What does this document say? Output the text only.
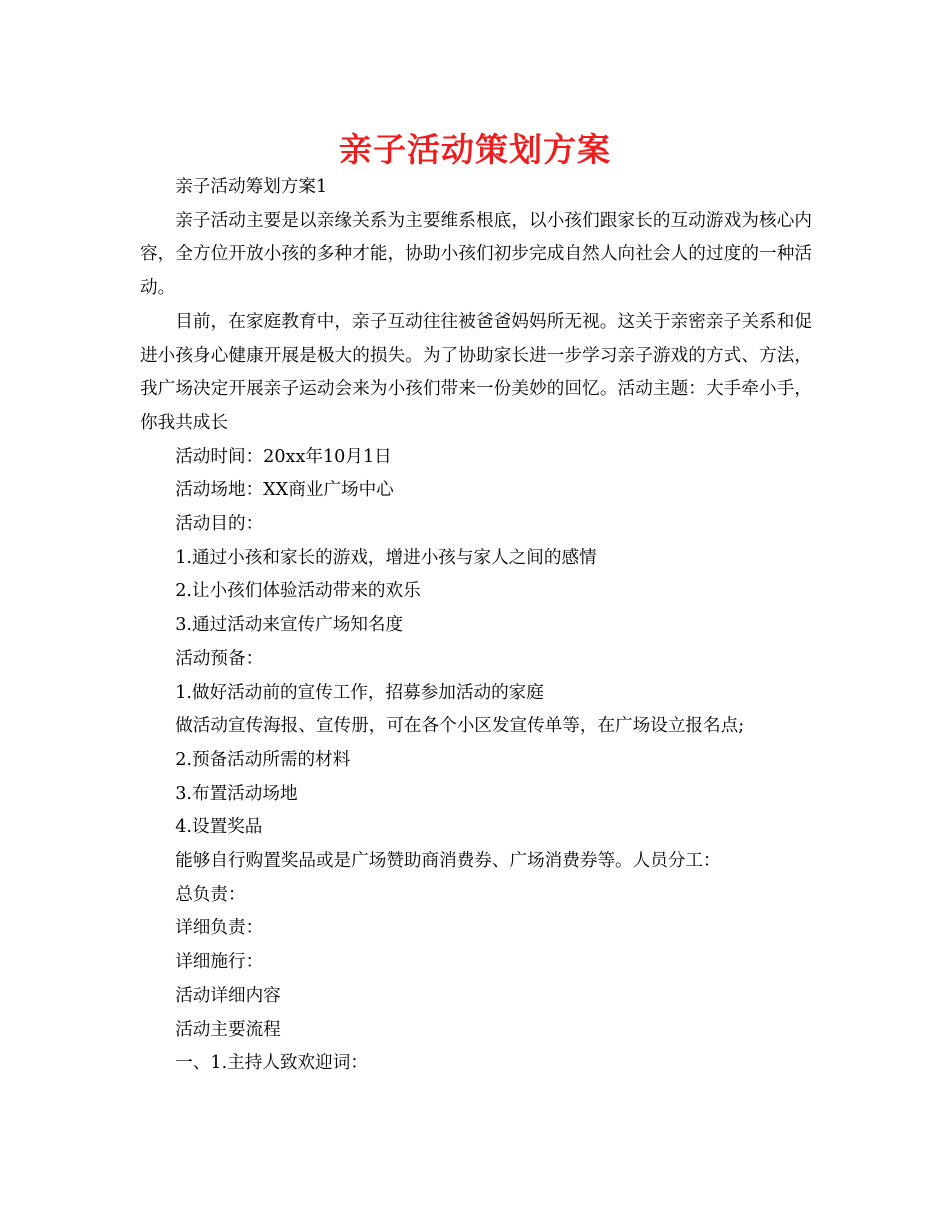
亲子活动策划方案

亲子活动筹划方案1

亲子活动主要是以亲缘关系为主要维系根底，以小孩们跟家长的互动游戏为核心内容，全方位开放小孩的多种才能，协助小孩们初步完成自然人向社会人的过度的一种活动。

目前，在家庭教育中，亲子互动往往被爸爸妈妈所无视。这关于亲密亲子关系和促进小孩身心健康开展是极大的损失。为了协助家长进一步学习亲子游戏的方式、方法，我广场决定开展亲子运动会来为小孩们带来一份美妙的回忆。活动主题：大手牵小手，你我共成长

活动时间：20xx年10月1日

活动场地：XX商业广场中心

活动目的：

1.通过小孩和家长的游戏，增进小孩与家人之间的感情

2.让小孩们体验活动带来的欢乐

3.通过活动来宣传广场知名度

活动预备：

1.做好活动前的宣传工作，招募参加活动的家庭

做活动宣传海报、宣传册，可在各个小区发宣传单等，在广场设立报名点;

2.预备活动所需的材料

3.布置活动场地

4.设置奖品

能够自行购置奖品或是广场赞助商消费券、广场消费券等。人员分工：

总负责：

详细负责：

详细施行：

活动详细内容

活动主要流程

一、1.主持人致欢迎词：
